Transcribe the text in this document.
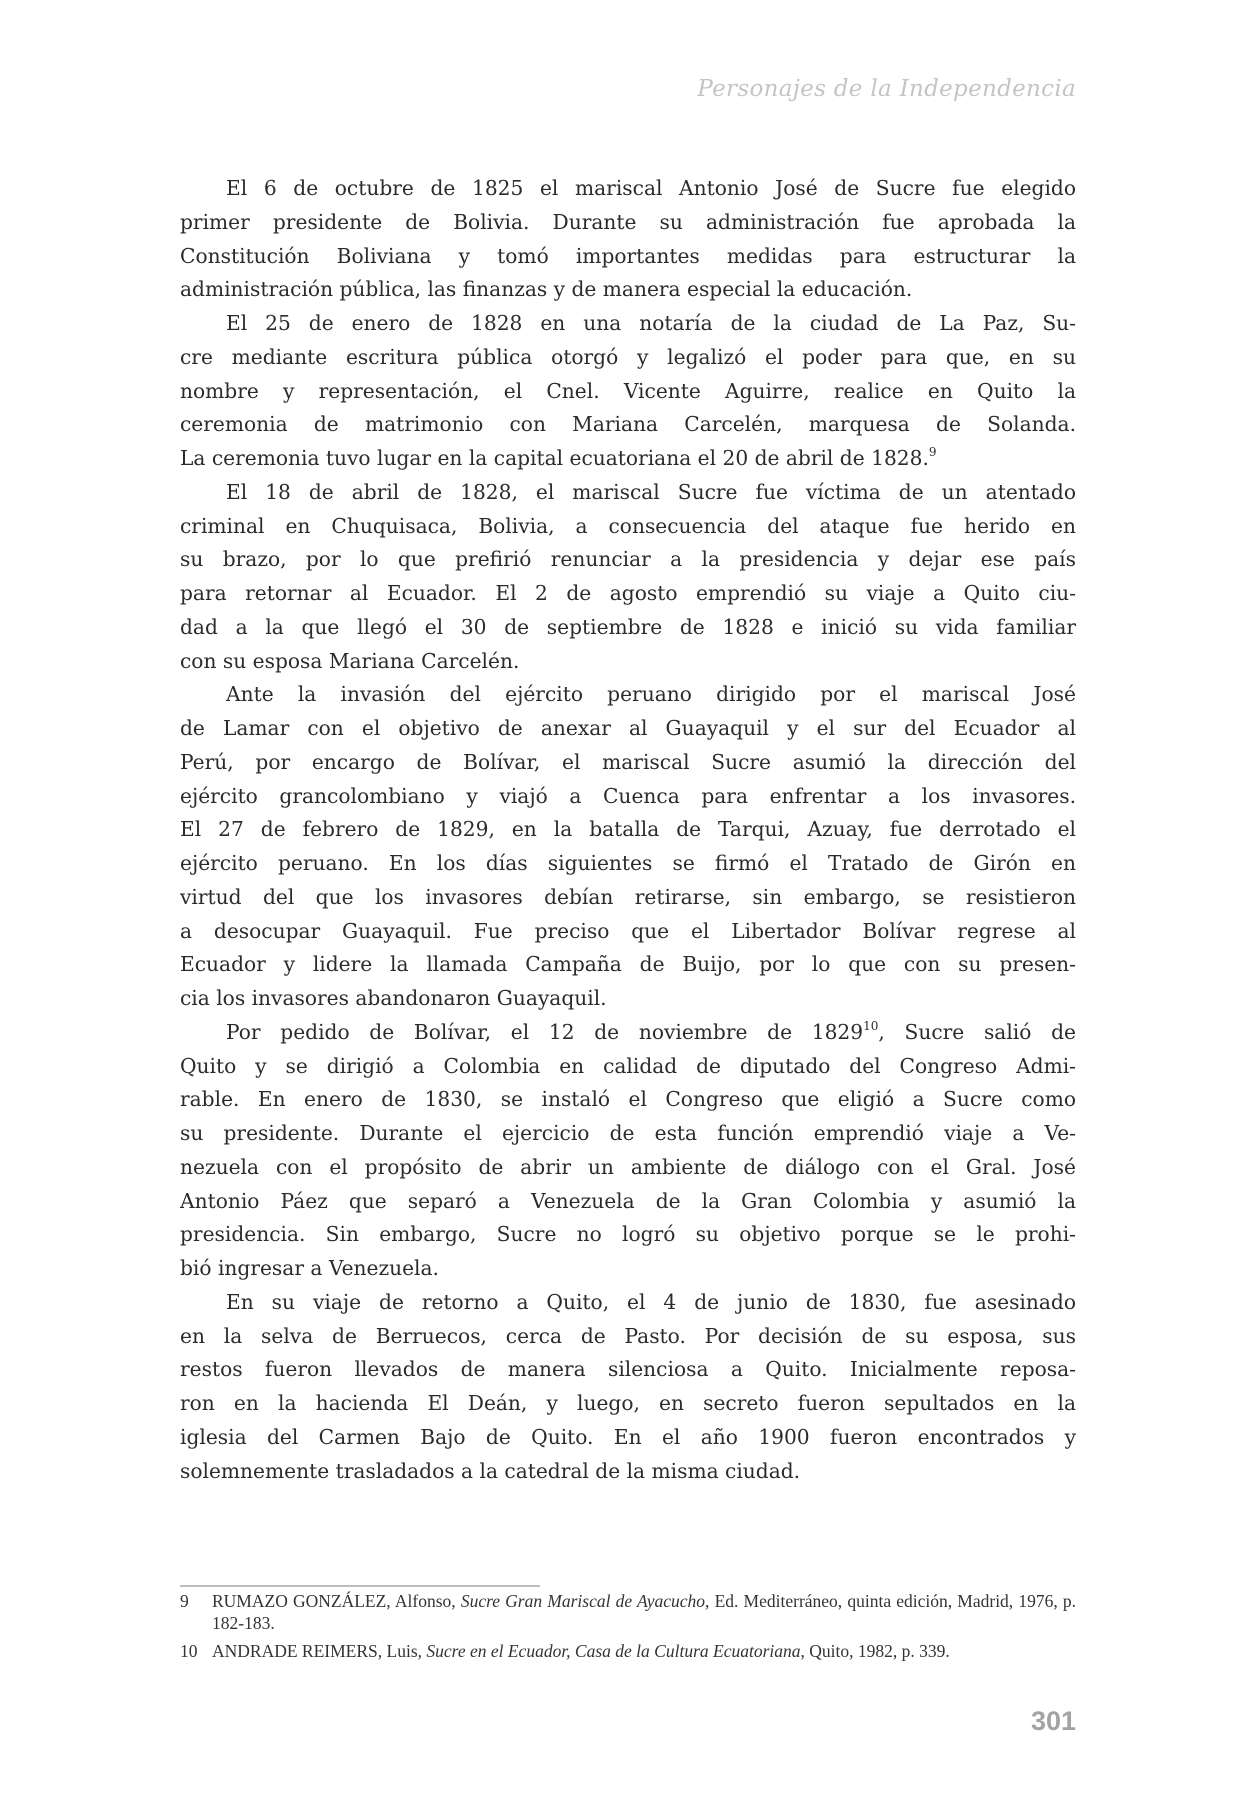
Personajes de la Independencia
El 6 de octubre de 1825 el mariscal Antonio José de Sucre fue elegido
primer presidente de Bolivia. Durante su administración fue aprobada la
Constitución Boliviana y tomó importantes medidas para estructurar la
administración pública, las finanzas y de manera especial la educación.
El 25 de enero de 1828 en una notaría de la ciudad de La Paz, Su-
cre mediante escritura pública otorgó y legalizó el poder para que, en su
nombre y representación, el Cnel. Vicente Aguirre, realice en Quito la
ceremonia de matrimonio con Mariana Carcelén, marquesa de Solanda.
La ceremonia tuvo lugar en la capital ecuatoriana el 20 de abril de 1828.$^9$
El 18 de abril de 1828, el mariscal Sucre fue víctima de un atentado
criminal en Chuquisaca, Bolivia, a consecuencia del ataque fue herido en
su brazo, por lo que prefirió renunciar a la presidencia y dejar ese país
para retornar al Ecuador. El 2 de agosto emprendió su viaje a Quito ciu-
dad a la que llegó el 30 de septiembre de 1828 e inició su vida familiar
con su esposa Mariana Carcelén.
Ante la invasión del ejército peruano dirigido por el mariscal José
de Lamar con el objetivo de anexar al Guayaquil y el sur del Ecuador al
Perú, por encargo de Bolívar, el mariscal Sucre asumió la dirección del
ejército grancolombiano y viajó a Cuenca para enfrentar a los invasores.
El 27 de febrero de 1829, en la batalla de Tarqui, Azuay, fue derrotado el
ejército peruano. En los días siguientes se firmó el Tratado de Girón en
virtud del que los invasores debían retirarse, sin embargo, se resistieron
a desocupar Guayaquil. Fue preciso que el Libertador Bolívar regrese al
Ecuador y lidere la llamada Campaña de Buijo, por lo que con su presen-
cia los invasores abandonaron Guayaquil.
Por pedido de Bolívar, el 12 de noviembre de 1829$^{10}$, Sucre salió de
Quito y se dirigió a Colombia en calidad de diputado del Congreso Admi-
rable. En enero de 1830, se instaló el Congreso que eligió a Sucre como
su presidente. Durante el ejercicio de esta función emprendió viaje a Ve-
nezuela con el propósito de abrir un ambiente de diálogo con el Gral. José
Antonio Páez que separó a Venezuela de la Gran Colombia y asumió la
presidencia. Sin embargo, Sucre no logró su objetivo porque se le prohi-
bió ingresar a Venezuela.
En su viaje de retorno a Quito, el 4 de junio de 1830, fue asesinado
en la selva de Berruecos, cerca de Pasto. Por decisión de su esposa, sus
restos fueron llevados de manera silenciosa a Quito. Inicialmente reposa-
ron en la hacienda El Deán, y luego, en secreto fueron sepultados en la
iglesia del Carmen Bajo de Quito. En el año 1900 fueron encontrados y
solemnemente trasladados a la catedral de la misma ciudad.
9 RUMAZO GONZÁLEZ, Alfonso, Sucre Gran Mariscal de Ayacucho, Ed. Mediterráneo, quinta edición, Madrid, 1976, p. 182-183.
10 ANDRADE REIMERS, Luis, Sucre en el Ecuador, Casa de la Cultura Ecuatoriana, Quito, 1982, p. 339.
301
